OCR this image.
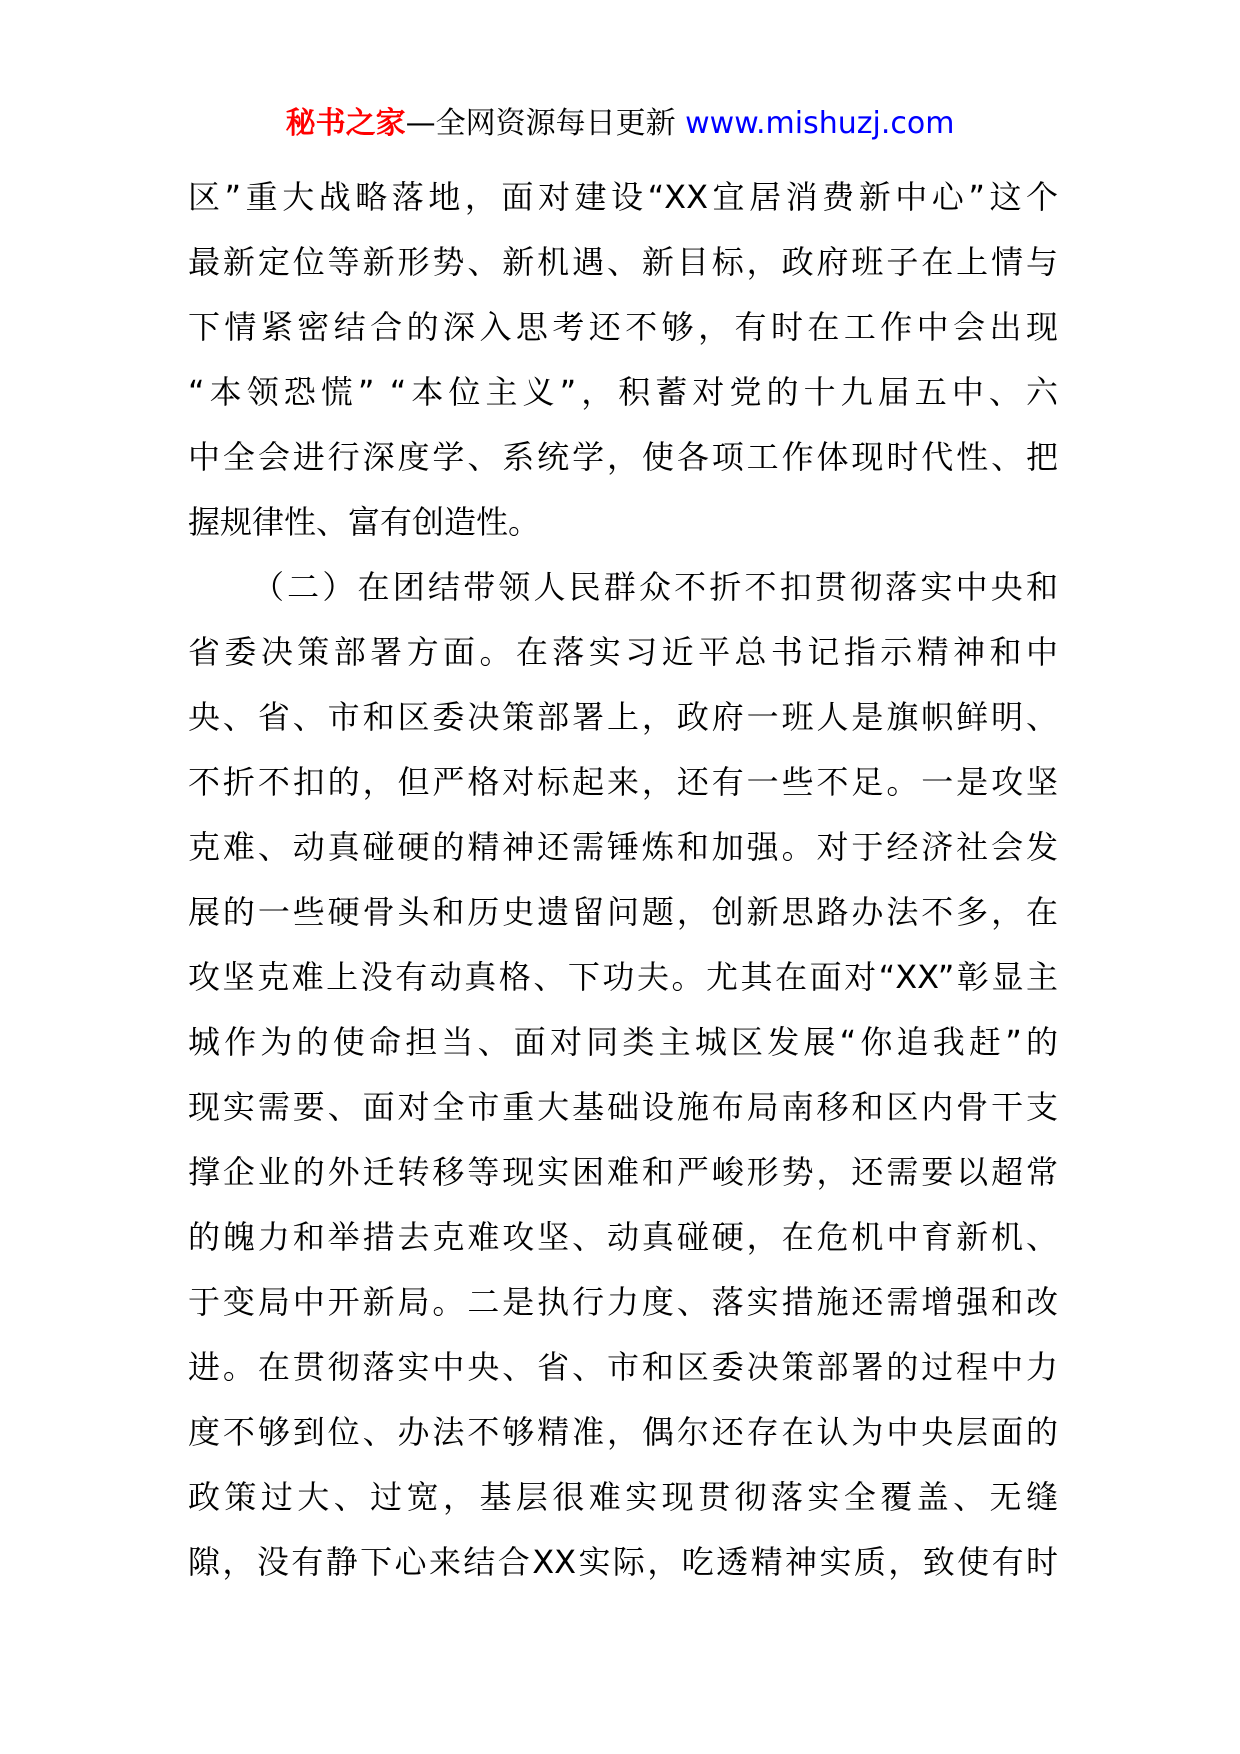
秘书之家—全网资源每日更新 www.mishuzj.com
区”重大战略落地，面对建设“XX宜居消费新中心”这个
最新定位等新形势、新机遇、新目标，政府班子在上情与
下情紧密结合的深入思考还不够，有时在工作中会出现
“本领恐慌” “本位主义”，积蓄对党的十九届五中、六
中全会进行深度学、系统学，使各项工作体现时代性、把
握规律性、富有创造性。
（二）在团结带领人民群众不折不扣贯彻落实中央和
省委决策部署方面。在落实习近平总书记指示精神和中
央、省、市和区委决策部署上，政府一班人是旗帜鲜明、
不折不扣的，但严格对标起来，还有一些不足。一是攻坚
克难、动真碰硬的精神还需锤炼和加强。对于经济社会发
展的一些硬骨头和历史遗留问题，创新思路办法不多，在
攻坚克难上没有动真格、下功夫。尤其在面对“XX”彰显主
城作为的使命担当、面对同类主城区发展“你追我赶”的
现实需要、面对全市重大基础设施布局南移和区内骨干支
撑企业的外迁转移等现实困难和严峻形势，还需要以超常
的魄力和举措去克难攻坚、动真碰硬，在危机中育新机、
于变局中开新局。二是执行力度、落实措施还需增强和改
进。在贯彻落实中央、省、市和区委决策部署的过程中力
度不够到位、办法不够精准，偶尔还存在认为中央层面的
政策过大、过宽，基层很难实现贯彻落实全覆盖、无缝
隙，没有静下心来结合XX实际，吃透精神实质，致使有时
